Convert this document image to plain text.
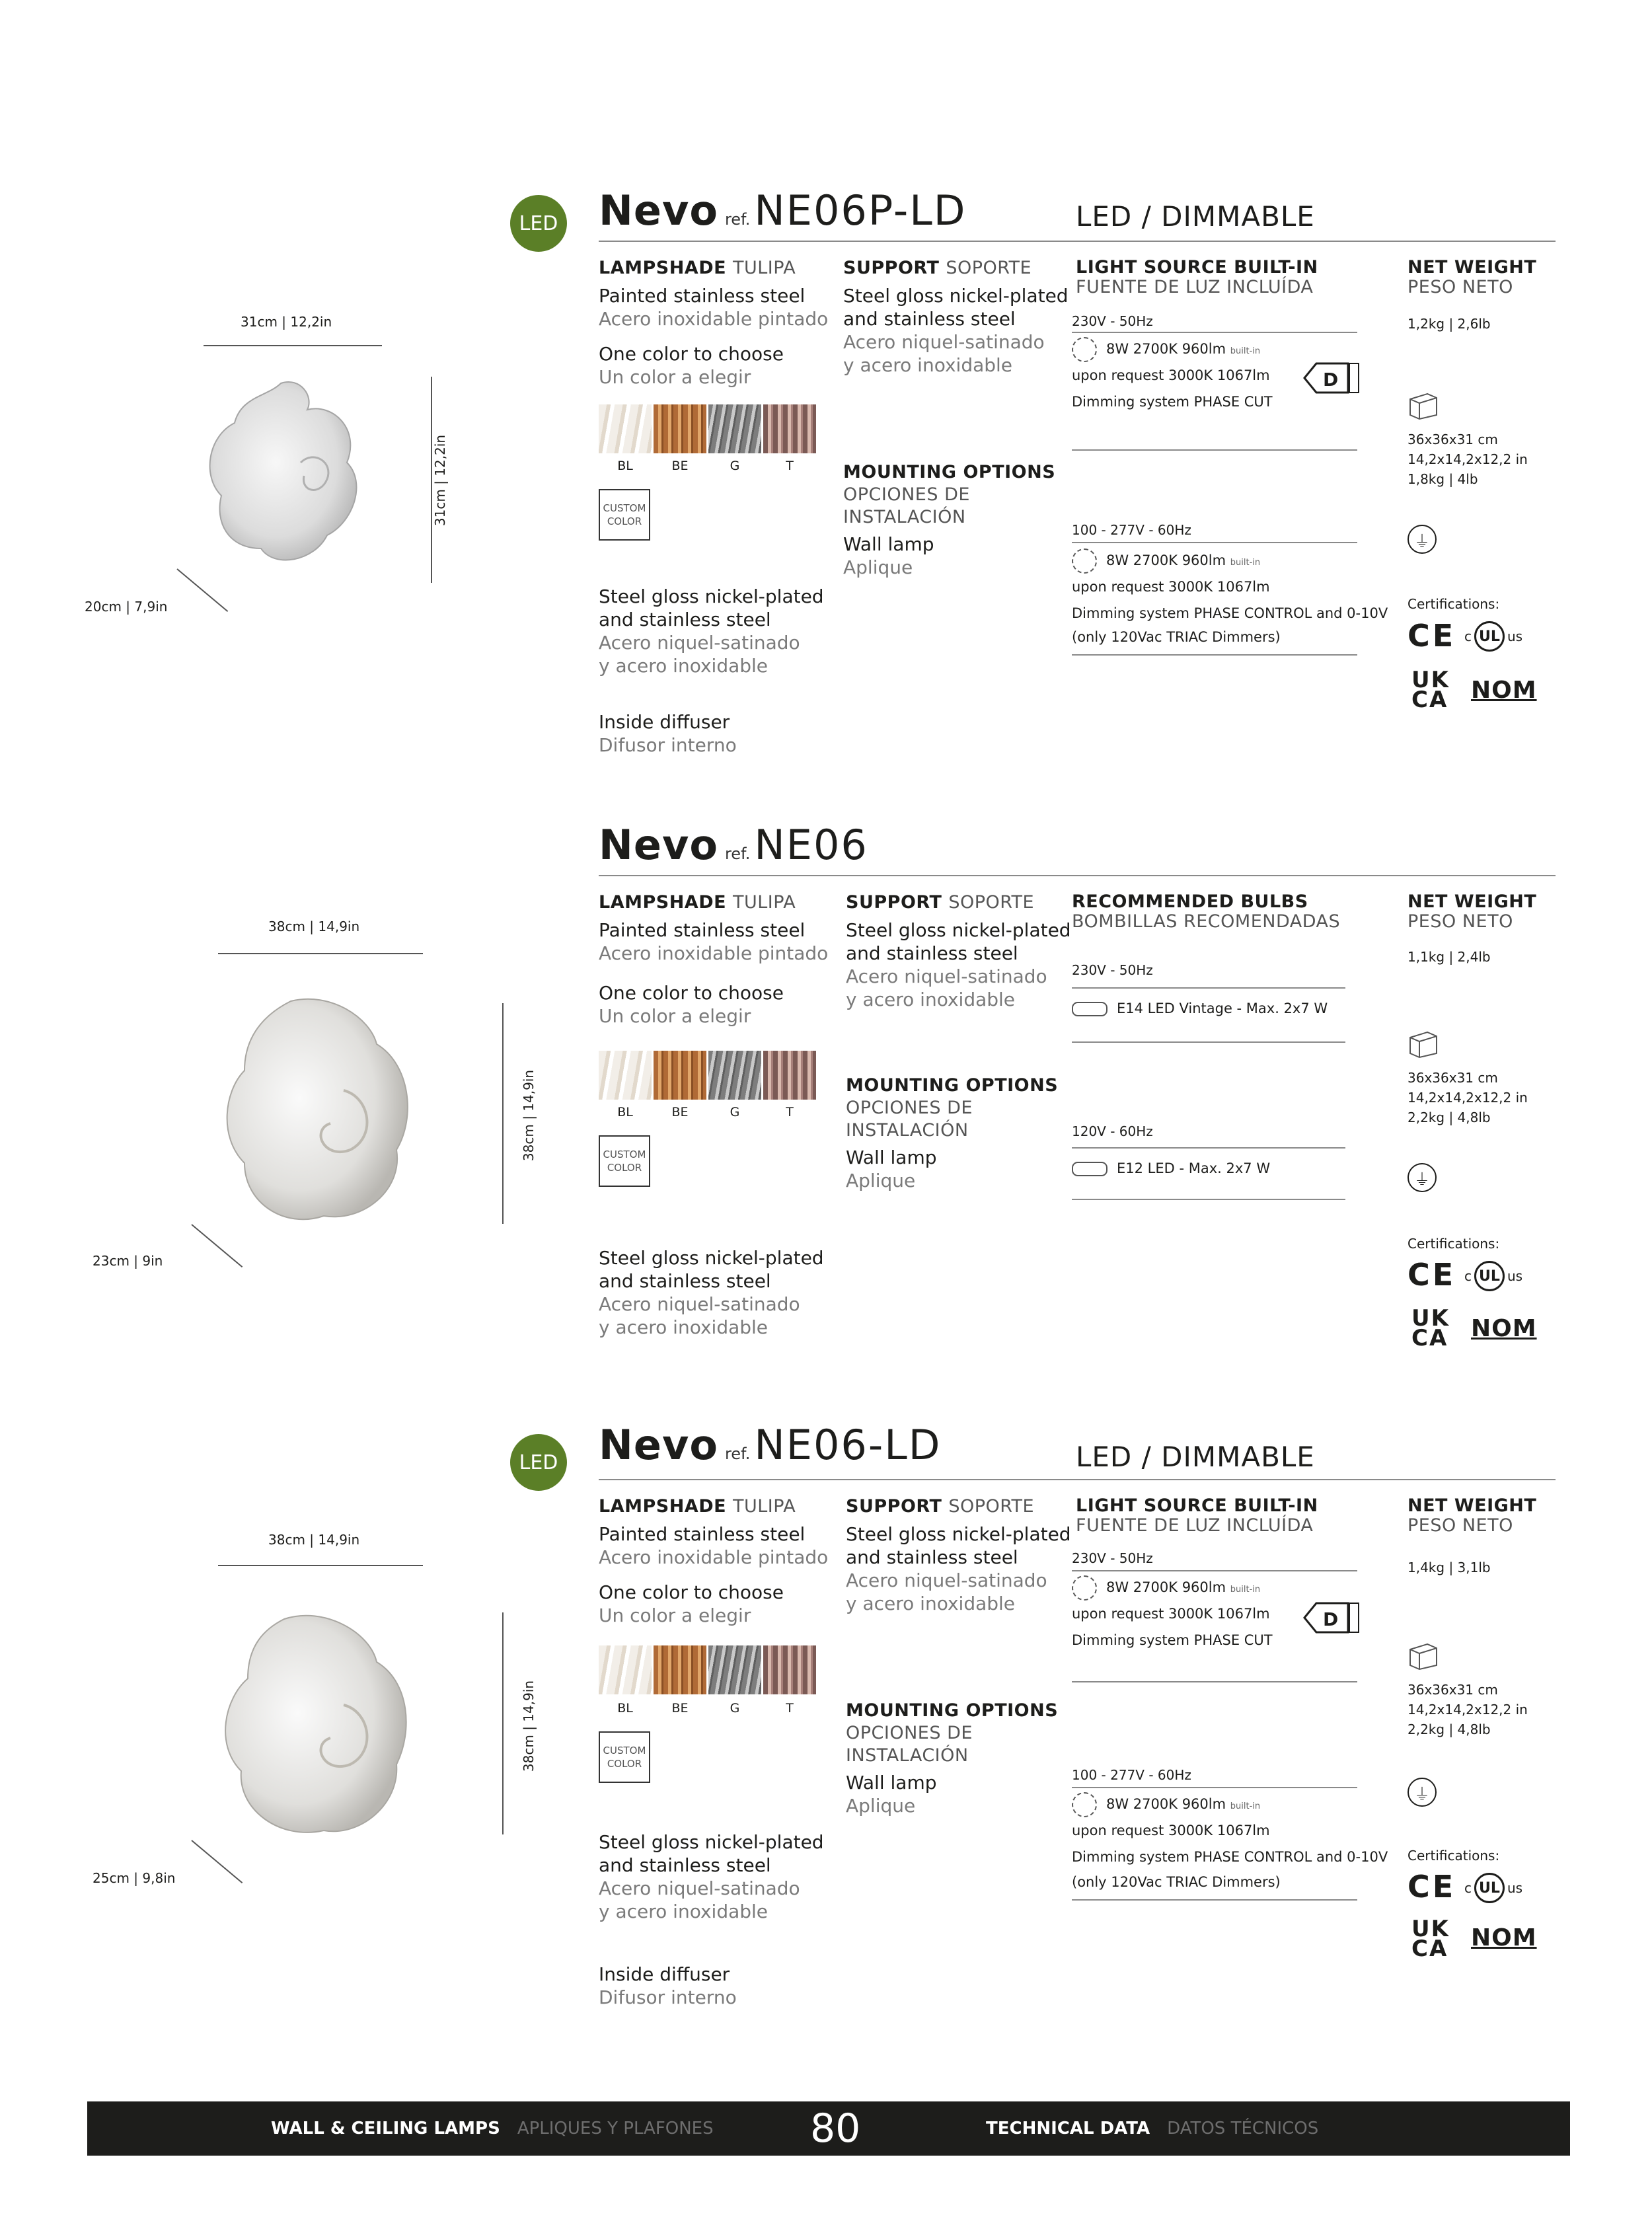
LED Nevo ref.NE06P-LD	LED / DIMMABLE
31cm | 12,2in
31cm | 12,2in
20cm | 7,9in
LAMPSHADE TULIPA
Painted stainless steel
Acero inoxidable pintado
One color to choose
Un color a elegir
BL	BE	G	T
CUSTOM
COLOR
Steel gloss nickel-plated
and stainless steel
Acero niquel-satinado
y acero inoxidable
Inside diffuser
Difusor interno
SUPPORT SOPORTE
Steel gloss nickel-plated
and stainless steel
Acero niquel-satinado
y acero inoxidable
MOUNTING OPTIONS
OPCIONES DE
INSTALACIÓN
Wall lamp
Aplique
LIGHT SOURCE BUILT-IN
FUENTE DE LUZ INCLUÍDA
230V - 50Hz
8W 2700K 960lm built-in
upon request 3000K 1067lm
Dimming system PHASE CUT
D
100 - 277V - 60Hz
8W 2700K 960lm built-in
upon request 3000K 1067lm
Dimming system PHASE CONTROL and 0-10V
(only 120Vac TRIAC Dimmers)
NET WEIGHT
PESO NETO
1,2kg | 2,6lb
36x36x31 cm
14,2x14,2x12,2 in
1,8kg | 4lb
⏚
Certifications:
CE c UL us
UK
CA NOM
Nevo ref.NE06
38cm | 14,9in
38cm | 14,9in
23cm | 9in
LAMPSHADE TULIPA
Painted stainless steel
Acero inoxidable pintado
One color to choose
Un color a elegir
BL	BE	G	T
CUSTOM
COLOR
Steel gloss nickel-plated
and stainless steel
Acero niquel-satinado
y acero inoxidable
SUPPORT SOPORTE
Steel gloss nickel-plated
and stainless steel
Acero niquel-satinado
y acero inoxidable
MOUNTING OPTIONS
OPCIONES DE
INSTALACIÓN
Wall lamp
Aplique
RECOMMENDED BULBS
BOMBILLAS RECOMENDADAS
230V - 50Hz
E14 LED Vintage - Max. 2x7 W
120V - 60Hz
E12 LED - Max. 2x7 W
NET WEIGHT
PESO NETO
1,1kg | 2,4lb
36x36x31 cm
14,2x14,2x12,2 in
2,2kg | 4,8lb
⏚
Certifications:
CE c UL us
UK
CA NOM
LED Nevo ref.NE06-LD	LED / DIMMABLE
38cm | 14,9in
38cm | 14,9in
25cm | 9,8in
LAMPSHADE TULIPA
Painted stainless steel
Acero inoxidable pintado
One color to choose
Un color a elegir
BL	BE	G	T
CUSTOM
COLOR
Steel gloss nickel-plated
and stainless steel
Acero niquel-satinado
y acero inoxidable
Inside diffuser
Difusor interno
SUPPORT SOPORTE
Steel gloss nickel-plated
and stainless steel
Acero niquel-satinado
y acero inoxidable
MOUNTING OPTIONS
OPCIONES DE
INSTALACIÓN
Wall lamp
Aplique
LIGHT SOURCE BUILT-IN
FUENTE DE LUZ INCLUÍDA
230V - 50Hz
8W 2700K 960lm built-in
upon request 3000K 1067lm
Dimming system PHASE CUT
D
100 - 277V - 60Hz
8W 2700K 960lm built-in
upon request 3000K 1067lm
Dimming system PHASE CONTROL and 0-10V
(only 120Vac TRIAC Dimmers)
NET WEIGHT
PESO NETO
1,4kg | 3,1lb
36x36x31 cm
14,2x14,2x12,2 in
2,2kg | 4,8lb
⏚
Certifications:
CE c UL us
UK
CA NOM
WALL & CEILING LAMPS APLIQUES Y PLAFONES 80	TECHNICAL DATA DATOS TÉCNICOS
